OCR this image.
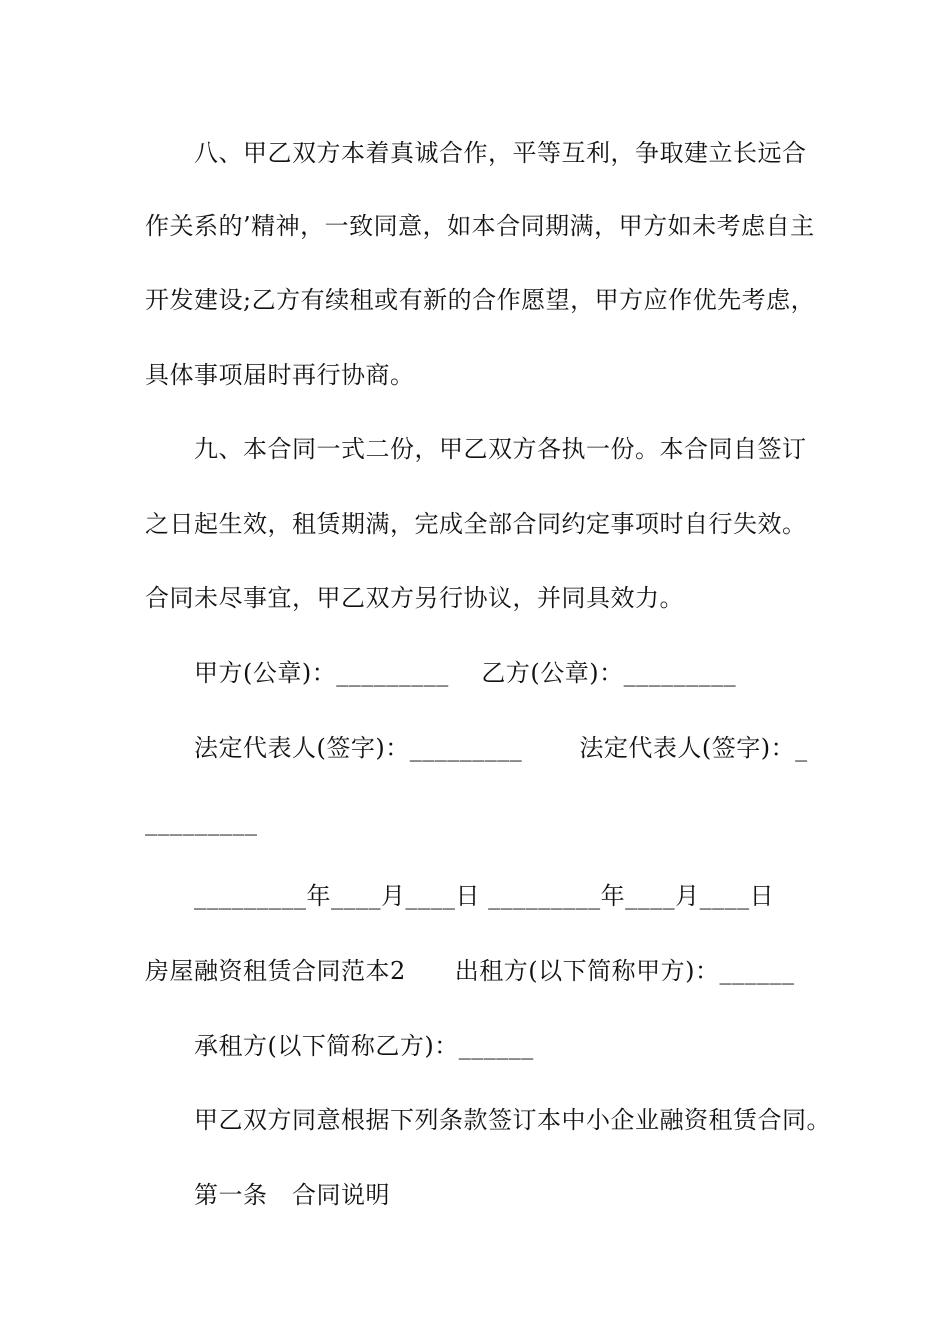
　　八、甲乙双方本着真诚合作，平等互利，争取建立长远合
作关系的’精神，一致同意，如本合同期满，甲方如未考虑自主
开发建设;乙方有续租或有新的合作愿望，甲方应作优先考虑，
具体事项届时再行协商。
　　九、本合同一式二份，甲乙双方各执一份。本合同自签订
之日起生效，租赁期满，完成全部合同约定事项时自行失效。
合同未尽事宜，甲乙双方另行协议，并同具效力。
　　甲方(公章)：_________　 乙方(公章)：_________
　　法定代表人(签字)：_________　　 法定代表人(签字)：_
_________
　　_________年____月____日 _________年____月____日
房屋融资租赁合同范本2　　出租方(以下简称甲方)：______
　　承租方(以下简称乙方)：______
　　甲乙双方同意根据下列条款签订本中小企业融资租赁合同。
　　第一条　合同说明
